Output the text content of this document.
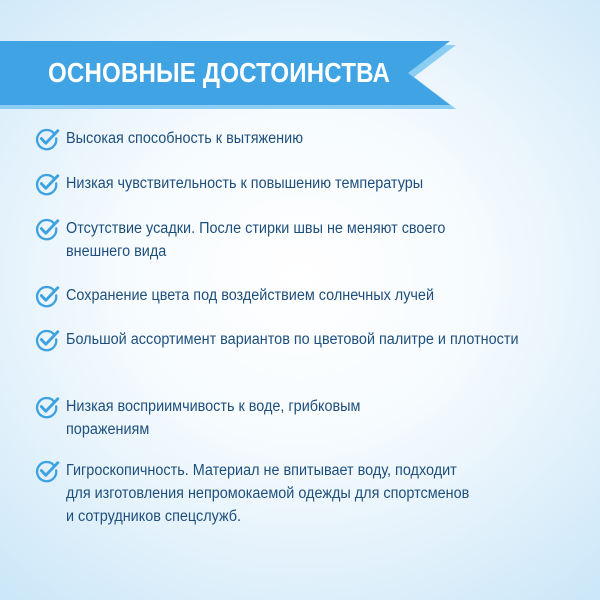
ОСНОВНЫЕ ДОСТОИНСТВА
Высокая способность к вытяжению
Низкая чувствительность к повышению температуры
Отсутствие усадки. После стирки швы не меняют своего
внешнего вида
Сохранение цвета под воздействием солнечных лучей
Большой ассортимент вариантов по цветовой палитре и плотности
Низкая восприимчивость к воде, грибковым
поражениям
Гигроскопичность. Материал не впитывает воду, подходит
для изготовления непромокаемой одежды для спортсменов
и сотрудников спецслужб.
